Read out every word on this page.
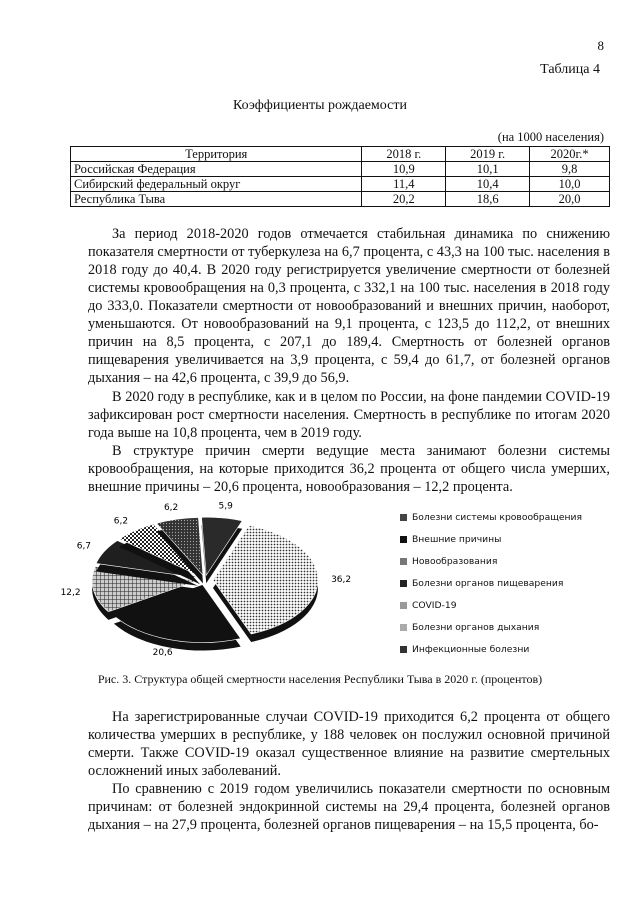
8
Таблица 4
Коэффициенты рождаемости
(на 1000 населения)
Территория	2018 г.	2019 г.	2020г.*
Российская Федерация	10,9	10,1	9,8
Сибирский федеральный округ	11,4	10,4	10,0
Республика Тыва	20,2	18,6	20,0
За период 2018-2020 годов отмечается стабильная динамика по снижению показателя смертности от туберкулеза на 6,7 процента, с 43,3 на 100 тыс. населения в 2018 году до 40,4. В 2020 году регистрируется увеличение смертности от болезней системы кровообращения на 0,3 процента, с 332,1 на 100 тыс. населения в 2018 году до 333,0. Показатели смертности от новообразований и внешних причин, наоборот, уменьшаются. От новообразований на 9,1 процента, с 123,5 до 112,2, от внешних причин на 8,5 процента, с 207,1 до 189,4. Смертность от болезней органов пищеварения увеличивается на 3,9 процента, с 59,4 до 61,7, от болезней органов дыхания – на 42,6 процента, с 39,9 до 56,9.
В 2020 году в республике, как и в целом по России, на фоне пандемии COVID-19 зафиксирован рост смертности населения. Смертность в республике по итогам 2020 года выше на 10,8 процента, чем в 2019 году.
В структуре причин смерти ведущие места занимают болезни системы кровообращения, на которые приходится 36,2 процента от общего числа умерших, внешние причины – 20,6 процента, новообразования – 12,2 процента.
36,2
20,6
12,2
6,7
6,2
6,2	5,9
Болезни системы кровообращения
Внешние причины
Новообразования
Болезни органов пищеварения
COVID-19
Болезни органов дыхания
Инфекционные болезни
Рис. 3. Структура общей смертности населения Республики Тыва в 2020 г. (процентов)
На зарегистрированные случаи COVID-19 приходится 6,2 процента от общего количества умерших в республике, у 188 человек он послужил основной причиной смерти. Также COVID-19 оказал существенное влияние на развитие смертельных осложнений иных заболеваний.
По сравнению с 2019 годом увеличились показатели смертности по основным причинам: от болезней эндокринной системы на 29,4 процента, болезней органов дыхания – на 27,9 процента, болезней органов пищеварения – на 15,5 процента, бо-
